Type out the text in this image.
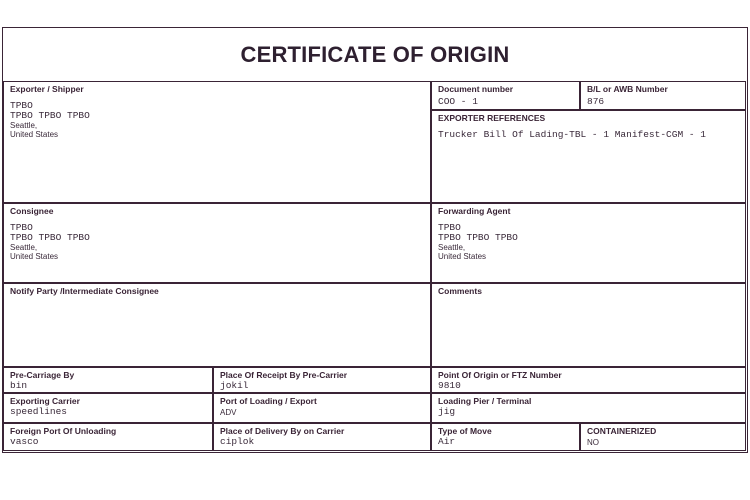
CERTIFICATE OF ORIGIN
Exporter / Shipper
TPBO
TPBO TPBO TPBO
Seattle,
United States
Document number
COO - 1
B/L or AWB Number
876
EXPORTER REFERENCES
Trucker Bill Of Lading-TBL - 1 Manifest-CGM - 1
Consignee
TPBO
TPBO TPBO TPBO
Seattle,
United States
Forwarding Agent
TPBO
TPBO TPBO TPBO
Seattle,
United States
Notify Party /Intermediate Consignee	Comments
Pre-Carriage By
bin
Place Of Receipt By Pre-Carrier
jokil
Point Of Origin or FTZ Number
9810
Exporting Carrier
speedlines
Port of Loading / Export
ADV
Loading Pier / Terminal
jig
Foreign Port Of Unloading
vasco
Place of Delivery By on Carrier
ciplok
Type of Move
Air
CONTAINERIZED
NO
